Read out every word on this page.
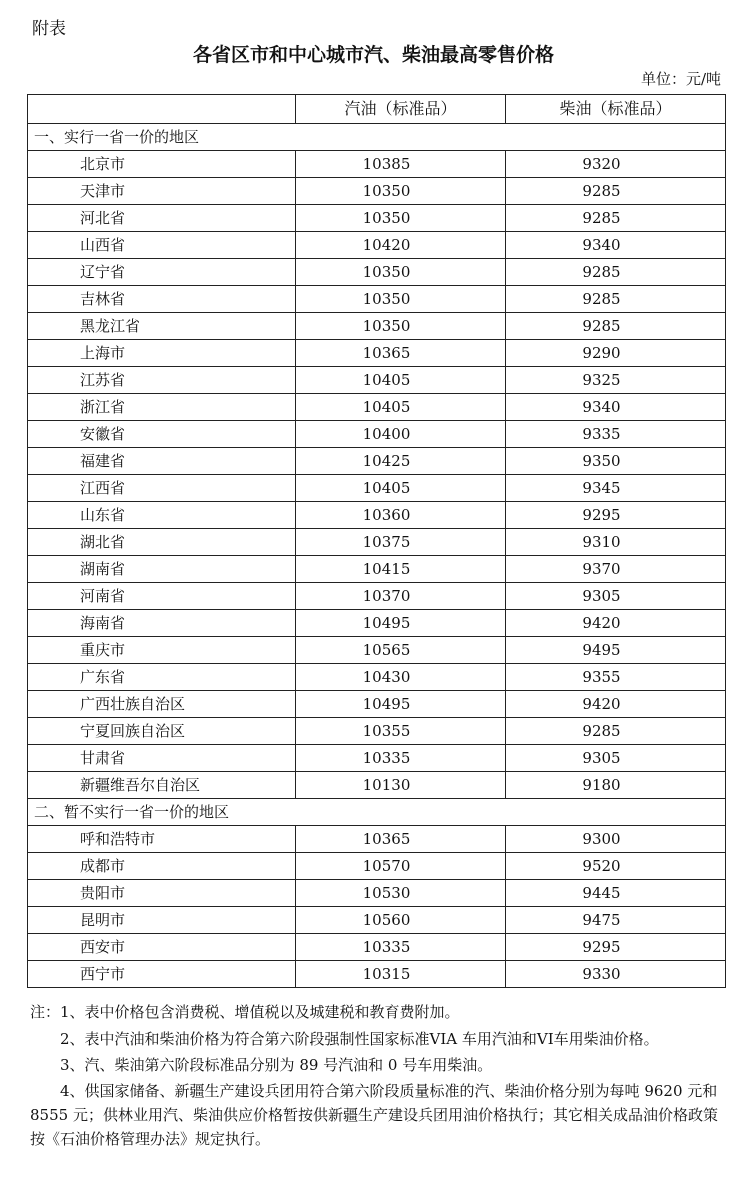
附表
各省区市和中心城市汽、柴油最高零售价格
单位：元/吨
	汽油（标准品）	柴油（标准品）
一、实行一省一价的地区		
北京市	10385	9320
天津市	10350	9285
河北省	10350	9285
山西省	10420	9340
辽宁省	10350	9285
吉林省	10350	9285
黑龙江省	10350	9285
上海市	10365	9290
江苏省	10405	9325
浙江省	10405	9340
安徽省	10400	9335
福建省	10425	9350
江西省	10405	9345
山东省	10360	9295
湖北省	10375	9310
湖南省	10415	9370
河南省	10370	9305
海南省	10495	9420
重庆市	10565	9495
广东省	10430	9355
广西壮族自治区	10495	9420
宁夏回族自治区	10355	9285
甘肃省	10335	9305
新疆维吾尔自治区	10130	9180
二、暂不实行一省一价的地区		
呼和浩特市	10365	9300
成都市	10570	9520
贵阳市	10530	9445
昆明市	10560	9475
西安市	10335	9295
西宁市	10315	9330

注：1、表中价格包含消费税、增值税以及城建税和教育费附加。

2、表中汽油和柴油价格为符合第六阶段强制性国家标准VIA 车用汽油和VI车用柴油价格。

3、汽、柴油第六阶段标准品分别为 89 号汽油和 0 号车用柴油。

4、供国家储备、新疆生产建设兵团用符合第六阶段质量标准的汽、柴油价格分别为每吨 9620 元和 8555 元；供林业用汽、柴油供应价格暂按供新疆生产建设兵团用油价格执行；其它相关成品油价格政策按《石油价格管理办法》规定执行。
